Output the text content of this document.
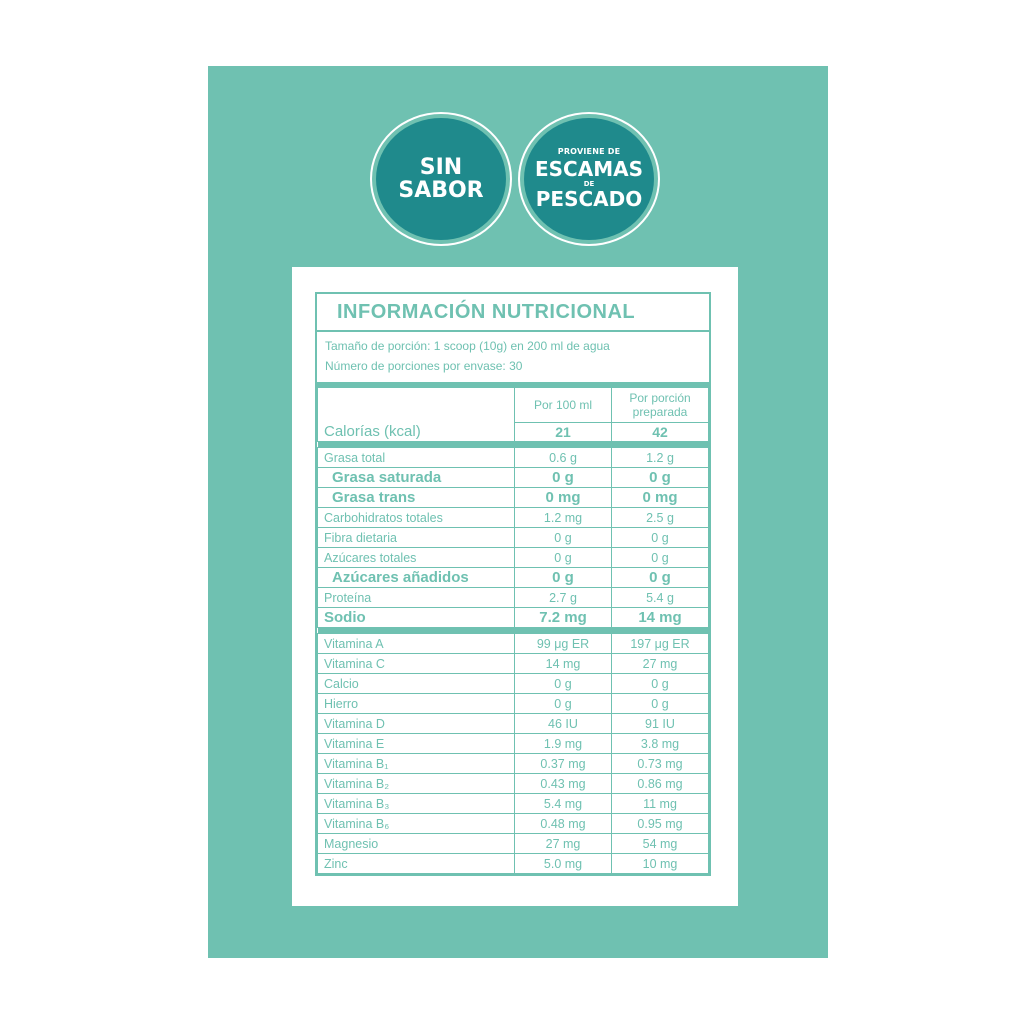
SIN
SABOR
PROVIENE DE
ESCAMAS
DE
PESCADO
INFORMACIÓN NUTRICIONAL
Tamaño de porción: 1 scoop (10g) en 200 ml de agua
Número de porciones por envase: 30
Calorías (kcal)	Por 100 ml	Por porción
preparada
	21	42

Grasa total	0.6 g	1.2 g
Grasa saturada	0 g	0 g
Grasa trans	0 mg	0 mg
Carbohidratos totales	1.2 mg	2.5 g
Fibra dietaria	0 g	0 g
Azúcares totales	0 g	0 g
Azúcares añadidos	0 g	0 g
Proteína	2.7 g	5.4 g
Sodio	7.2 mg	14 mg

Vitamina A	99 μg ER	197 μg ER
Vitamina C	14 mg	27 mg
Calcio	0 g	0 g
Hierro	0 g	0 g
Vitamina D	46 IU	91 IU
Vitamina E	1.9 mg	3.8 mg
Vitamina B₁	0.37 mg	0.73 mg
Vitamina B₂	0.43 mg	0.86 mg
Vitamina B₃	5.4 mg	11 mg
Vitamina B₆	0.48 mg	0.95 mg
Magnesio	27 mg	54 mg
Zinc	5.0 mg	10 mg
